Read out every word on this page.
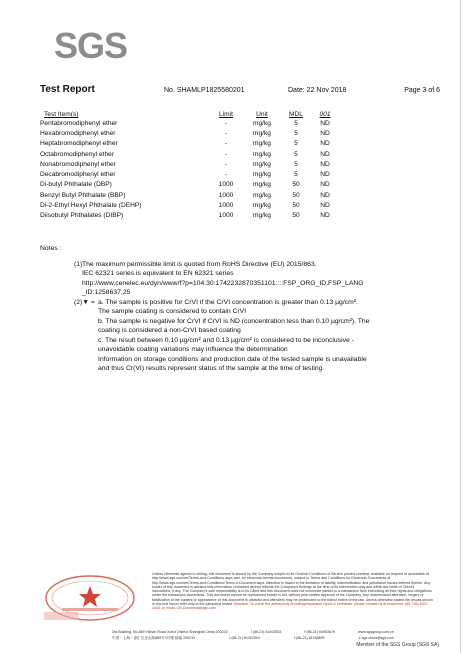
SGS
Test Report	No. SHAMLP1825580201	Date: 22 Nov 2018	Page 3 of 6
Test Item(s)	Limit	Unit	MDL	001
Pentabromodiphenyl ether	-	mg/kg	5	ND
Hexabromodiphenyl ether	-	mg/kg	5	ND
Heptabromodiphenyl ether	-	mg/kg	5	ND
Octabromodiphenyl ether	-	mg/kg	5	ND
Nonabromodiphenyl ether	-	mg/kg	5	ND
Decabromodiphenyl ether	-	mg/kg	5	ND
Di-butyl Phthalate (DBP)	1000	mg/kg	50	ND
Benzyl Butyl Phthalate (BBP)	1000	mg/kg	50	ND
Di-2-Ethyl Hexyl Phthalate (DEHP)	1000	mg/kg	50	ND
Diisobutyl Phthalates (DIBP)	1000	mg/kg	50	ND
Notes :
(1) The maximum permissible limit is quoted from RoHS Directive (EU) 2015/863.
IEC 62321 series is equivalent to EN 62321 series
http://www.cenelec.eu/dyn/www/f?p=104:30:1742232870351101::::FSP_ORG_ID,FSP_LANG
_ID:1258637,25
(2)▼ = a. The sample is positive for CrVI if the CrVI concentration is greater than 0.13 µg/cm².
The sample coating is considered to contain CrVI
b. The sample is negative for CrVI if CrVI is ND (concentration less than 0.10 µg/cm²). The
coating is considered a non-CrVI based coating
c. The result between 0.10 µg/cm² and 0.13 µg/cm² is considered to be inconclusive -
unavoidable coating variations may influence the determination
Information on storage conditions and production date of the tested sample is unavailable
and thus Cr(VI) results represent status of the sample at the time of testing.
Unless otherwise agreed in writing, this document is issued by the Company subject to its General Conditions of Service printed overleaf, available on request or accessible at http://www.sgs.com/en/Terms-and-Conditions.aspx and, for electronic format documents, subject to Terms and Conditions for Electronic Documents at http://www.sgs.com/en/Terms-and-Conditions/Terms-e-Document.aspx. Attention is drawn to the limitation of liability, indemnification and jurisdiction issues defined therein. Any holder of this document is advised that information contained hereon reflects the Company's findings at the time of its intervention only and within the limits of Client's instructions, if any. The Company's sole responsibility is to its Client and this document does not exonerate parties to a transaction from exercising all their rights and obligations under the transaction documents. This document cannot be reproduced except in full, without prior written approval of the Company. Any unauthorized alteration, forgery or falsification of the content or appearance of this document is unlawful and offenders may be prosecuted to the fullest extent of the law. Unless otherwise stated the results shown in this test report refer only to the sample(s) tested. Attention: To check the authenticity of testing/inspection report & certificate, please contact us at telephone: (86-755) 8307 1443, or email: CN.Doccheck@sgs.com
3rd Building, No.889 Yishan Road Xuhui District Shanghai China 200233	t (86-21) 61402553	f (86-21) 64953679	www.sgsgroup.com.cn
中国・上海・徐汇区宜山路889号3号楼 邮编 200233	t (86-21) 61402594	f (86-21) 61156899	e sgs.china@sgs.com
Member of the SGS Group (SGS SA)
